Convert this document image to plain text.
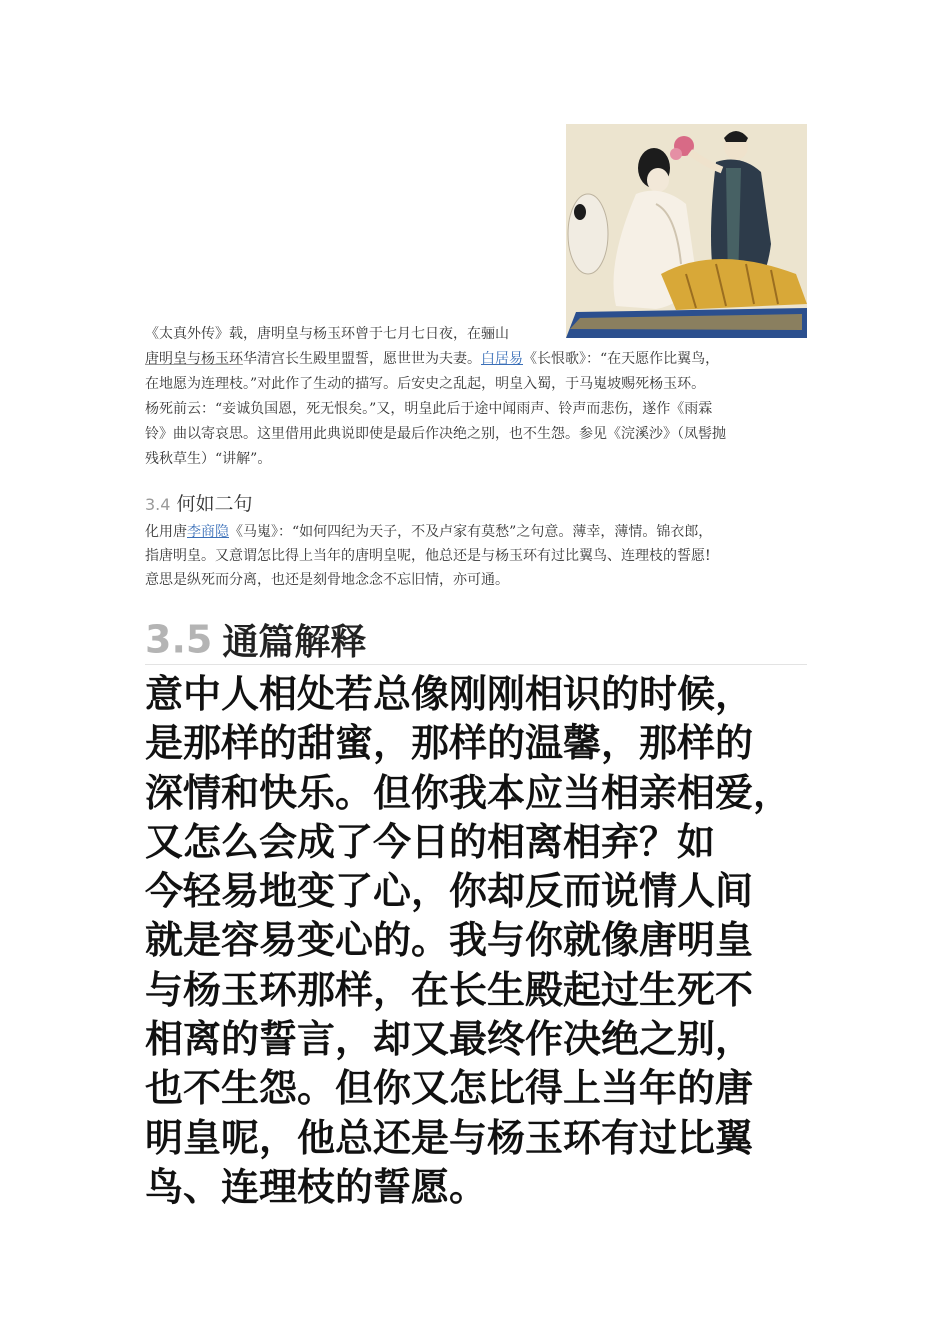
《太真外传》载，唐明皇与杨玉环曾于七月七日夜，在骊山
唐明皇与杨玉环华清宫长生殿里盟誓，愿世世为夫妻。白居易《长恨歌》：“在天愿作比翼鸟，
在地愿为连理枝。”对此作了生动的描写。后安史之乱起，明皇入蜀，于马嵬坡赐死杨玉环。
杨死前云：“妾诚负国恩，死无恨矣。”又，明皇此后于途中闻雨声、铃声而悲伤，遂作《雨霖
铃》曲以寄哀思。这里借用此典说即使是最后作决绝之别，也不生怨。参见《浣溪沙》（凤髻抛
残秋草生）“讲解”。
3.4 何如二句
化用唐李商隐《马嵬》：“如何四纪为天子，不及卢家有莫愁”之句意。薄幸，薄情。锦衣郎，
指唐明皇。又意谓怎比得上当年的唐明皇呢，他总还是与杨玉环有过比翼鸟、连理枝的誓愿!
意思是纵死而分离，也还是刻骨地念念不忘旧情，亦可通。
3.5 通篇解释
意中人相处若总像刚刚相识的时候，
是那样的甜蜜，那样的温馨，那样的
深情和快乐。但你我本应当相亲相爱，
又怎么会成了今日的相离相弃？如
今轻易地变了心，你却反而说情人间
就是容易变心的。我与你就像唐明皇
与杨玉环那样，在长生殿起过生死不
相离的誓言，却又最终作决绝之别，
也不生怨。但你又怎比得上当年的唐
明皇呢，他总还是与杨玉环有过比翼
鸟、连理枝的誓愿。
